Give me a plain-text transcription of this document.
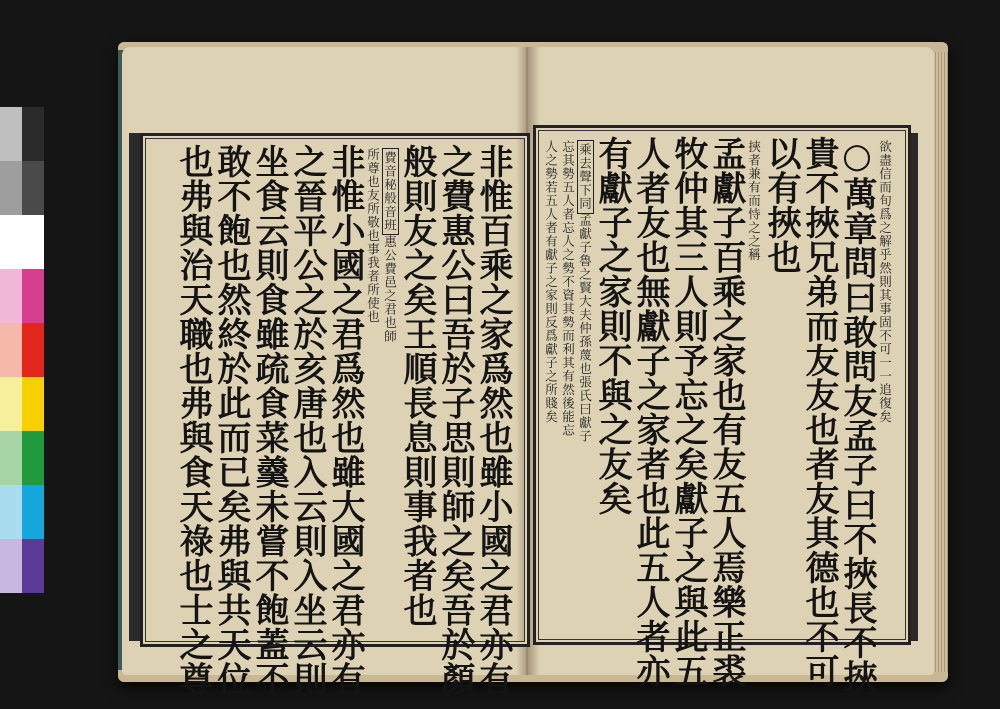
非惟百乘之家爲然也雖小國之君亦有
之費惠公曰吾於子思則師之矣吾於顏
般則友之矣王順長息則事我者也
費音秘般音班惠公費邑之君也師
所尊也友所敬也事我者所使也
非惟小國之君爲然也雖大國之君亦有
之晉平公之於亥唐也入云則入坐云則
坐食云則食雖疏食菜羹未嘗不飽蓋不
敢不飽也然終於此而已矣弗與共天位
也弗與治天職也弗與食天祿也士之尊	欲盡信而旬爲之解乎然則其事固不可一一追復矣
○萬章問曰敢問友孟子曰不挾長不挾
貴不挾兄弟而友友也者友其德也不可
以有挾也
挾者兼有而恃之之稱
孟獻子百乘之家也有友五人焉樂正裘
牧仲其三人則予忘之矣獻子之與此五
人者友也無獻子之家者也此五人者亦
有獻子之家則不與之友矣
乘去聲下同孟獻子魯之賢大夫仲孫蔑也張氏曰獻子
忘其勢五人者忘人之勢不資其勢而利其有然後能忘
人之勢若五人者有獻子之家則反爲獻子之所賤矣
